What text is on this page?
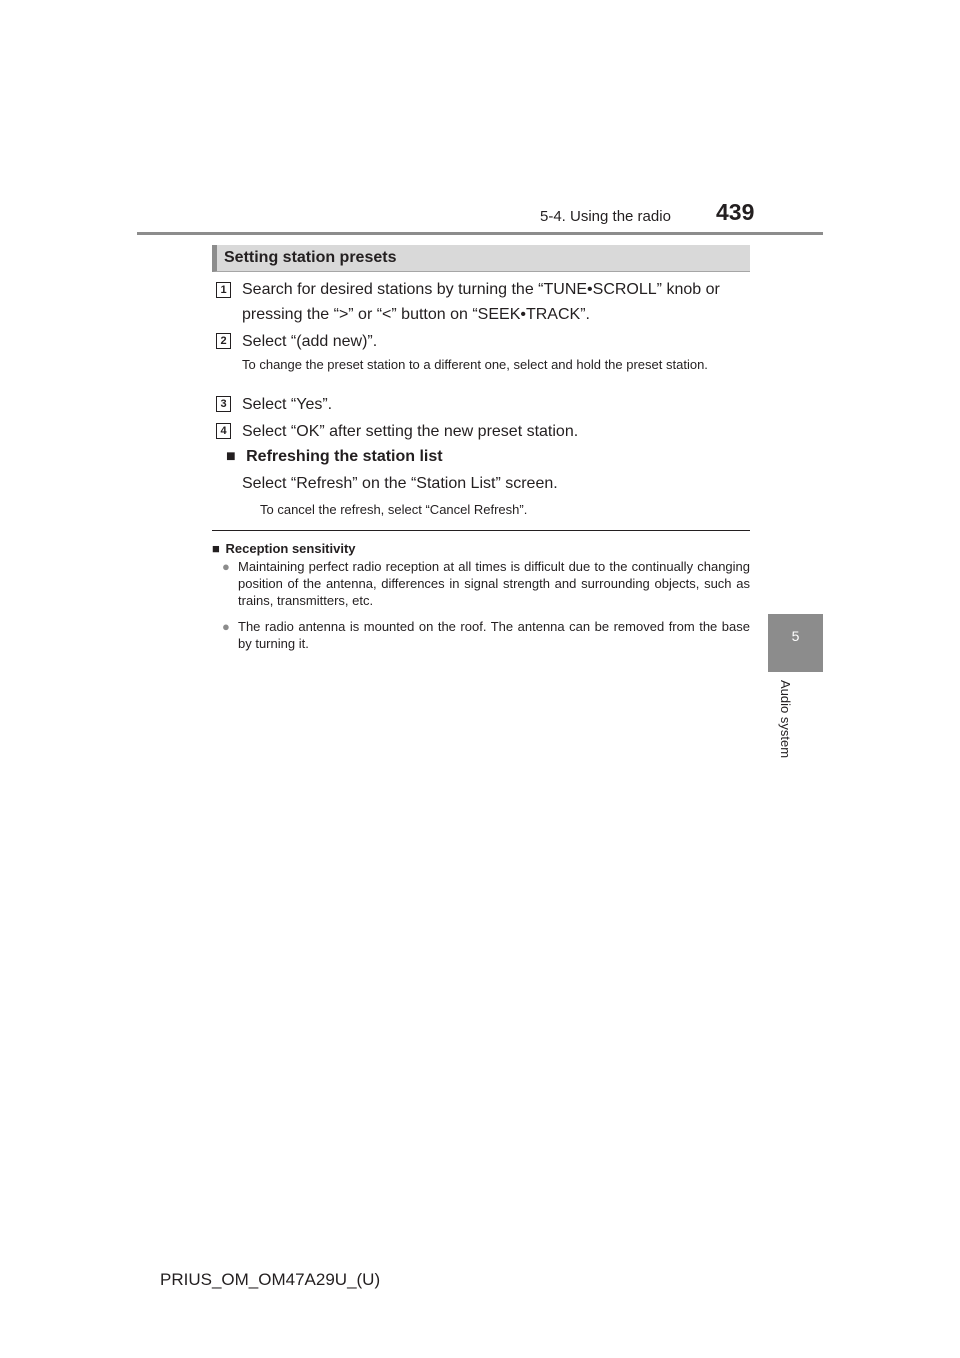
5-4. Using the radio 439
5
Audio system
Setting station presets
1 Search for desired stations by turning the “TUNE•SCROLL” knob or
pressing the “>” or “<” button on “SEEK•TRACK”.
2 Select “(add new)”.
To change the preset station to a different one, select and hold the preset station.
3 Select “Yes”.
4 Select “OK” after setting the new preset station.
■ Refreshing the station list
Select “Refresh” on the “Station List” screen.
To cancel the refresh, select “Cancel Refresh”.
■ Reception sensitivity
● Maintaining perfect radio reception at all times is difficult due to the continually changing position of the antenna, differences in signal strength and surrounding objects, such as trains, transmitters, etc.
● The radio antenna is mounted on the roof. The antenna can be removed from the base by turning it.
PRIUS_OM_OM47A29U_(U)
